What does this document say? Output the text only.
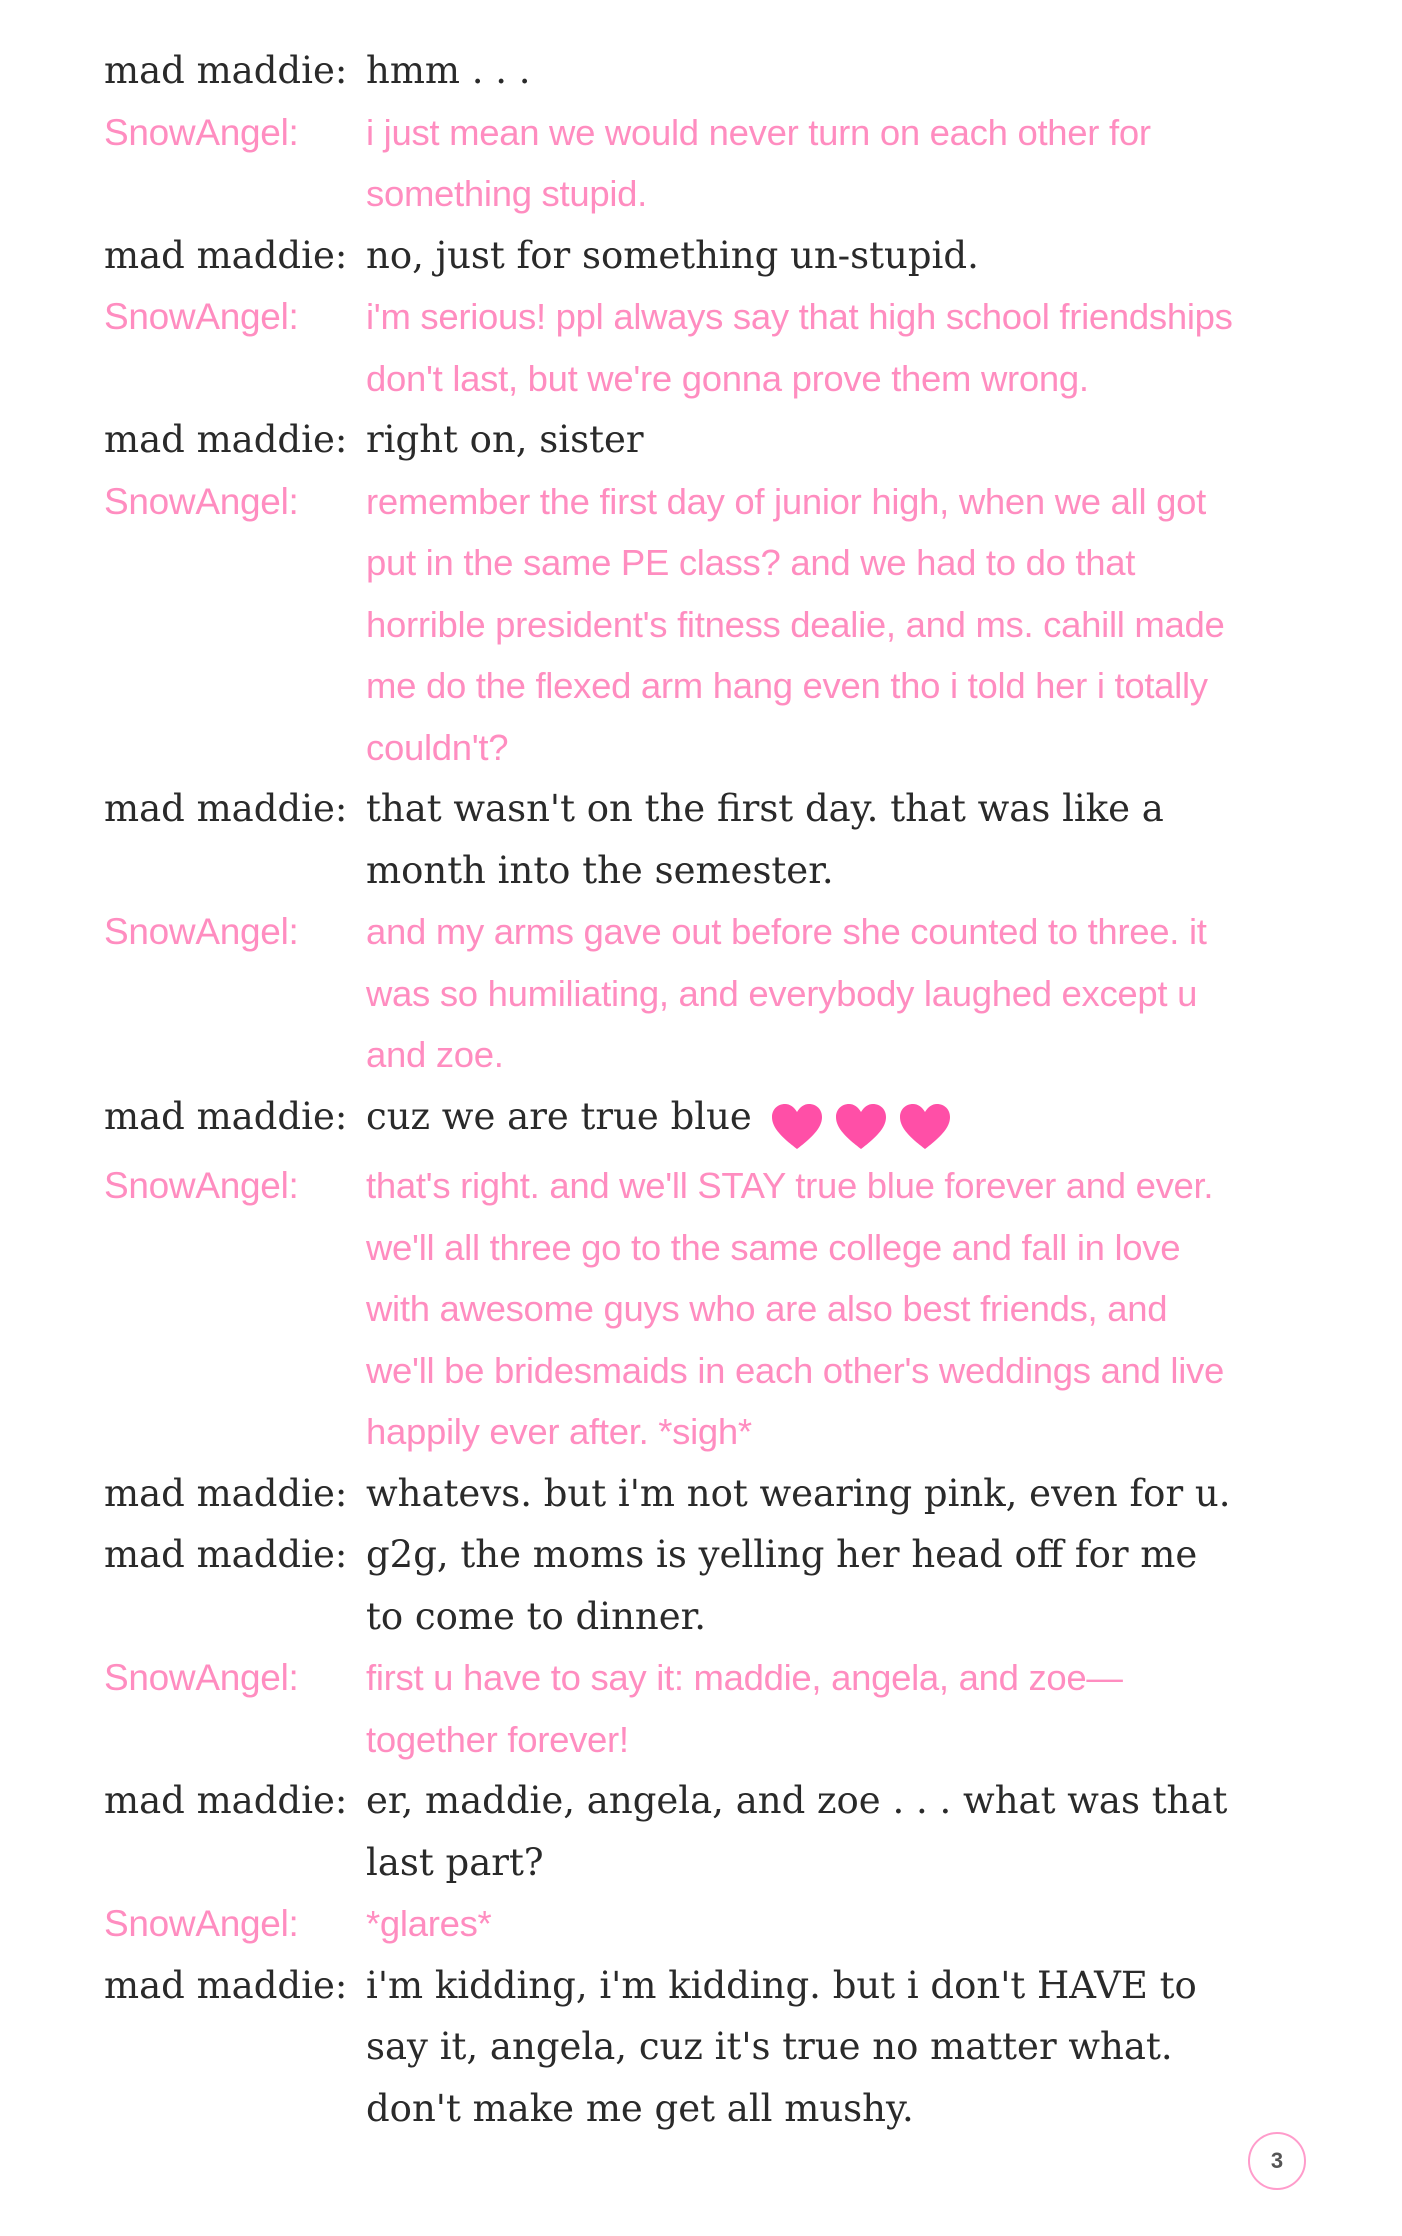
mad maddie: hmm . . .
SnowAngel:	i just mean we would never turn on each other for something stupid.
mad maddie: no, just for something un-stupid.
SnowAngel:	i'm serious! ppl always say that high school friendships don't last, but we're gonna prove them wrong.
mad maddie: right on, sister
SnowAngel:	remember the first day of junior high, when we all got put in the same PE class? and we had to do that horrible president's fitness dealie, and ms. cahill made me do the flexed arm hang even tho i told her i totally couldn't?
mad maddie: that wasn't on the first day. that was like a month into the semester.
SnowAngel:	and my arms gave out before she counted to three. it was so humiliating, and everybody laughed except u and zoe.
mad maddie: cuz we are true blue
SnowAngel:	that's right. and we'll STAY true blue forever and ever. we'll all three go to the same college and fall in love with awesome guys who are also best friends, and we'll be bridesmaids in each other's weddings and live happily ever after. *sigh*
mad maddie: whatevs. but i'm not wearing pink, even for u.
mad maddie: g2g, the moms is yelling her head off for me to come to dinner.
SnowAngel:	first u have to say it: maddie, angela, and zoe—together forever!
mad maddie: er, maddie, angela, and zoe . . . what was that last part?
SnowAngel:	*glares*
mad maddie: i'm kidding, i'm kidding. but i don't HAVE to say it, angela, cuz it's true no matter what. don't make me get all mushy.
3
